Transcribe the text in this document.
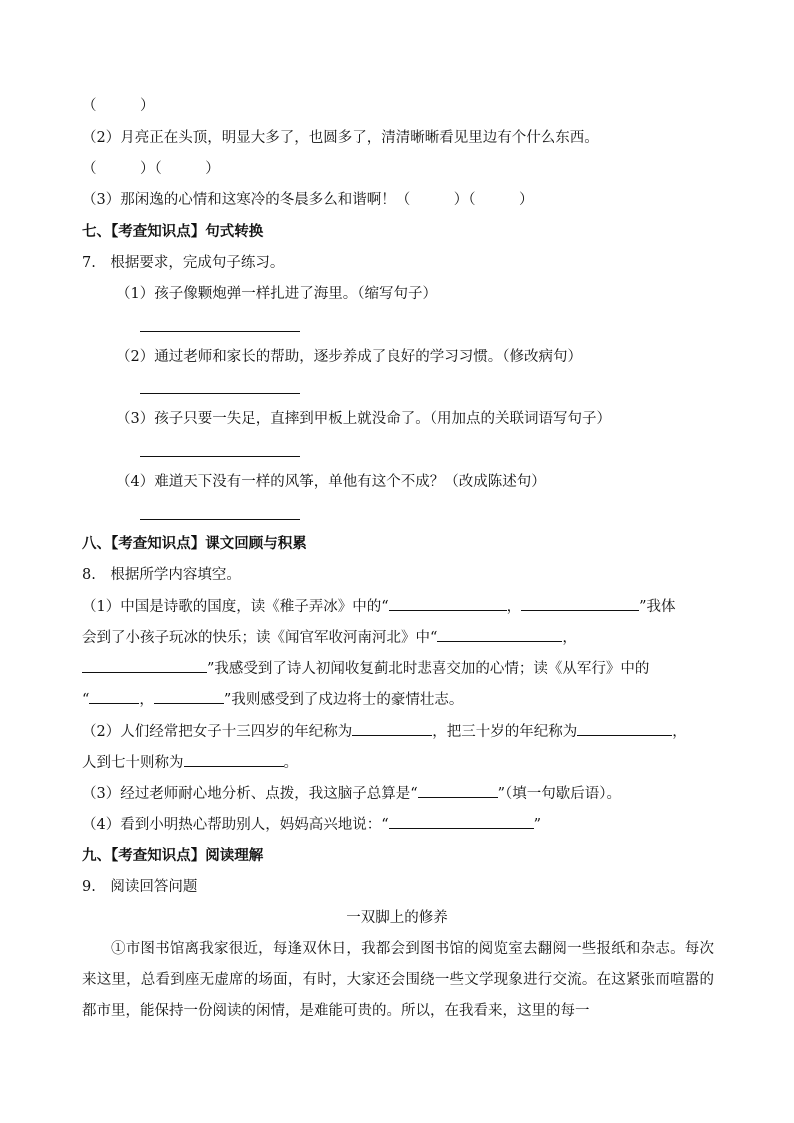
（　　　）
（2）月亮正在头顶，明显大多了，也圆多了，清清晰晰看见里边有个什么东西。
（　　　）（　　　）
（3）那闲逸的心情和这寒冷的冬晨多么和谐啊！（　　　）（　　　）
七、【考查知识点】句式转换
7.　根据要求，完成句子练习。
（1）孩子像颗炮弹一样扎进了海里。（缩写句子）
（2）通过老师和家长的帮助，逐步养成了良好的学习习惯。（修改病句）
（3）孩子只要一失足，直摔到甲板上就没命了。（用加点的关联词语写句子）
（4）难道天下没有一样的风筝，单他有这个不成？（改成陈述句）
八、【考查知识点】课文回顾与积累
8.　根据所学内容填空。
（1）中国是诗歌的国度，读《稚子弄冰》中的“	，	”我体
会到了小孩子玩冰的快乐；读《闻官军收河南河北》中“	，
”我感受到了诗人初闻收复蓟北时悲喜交加的心情；读《从军行》中的
“	，	”我则感受到了戍边将士的豪情壮志。
（2）人们经常把女子十三四岁的年纪称为	，把三十岁的年纪称为	，
人到七十则称为	。
（3）经过老师耐心地分析、点拨，我这脑子总算是“	”（填一句歇后语）。
（4）看到小明热心帮助别人，妈妈高兴地说：“	”
九、【考查知识点】阅读理解
9.　阅读回答问题
一双脚上的修养
①市图书馆离我家很近，每逢双休日，我都会到图书馆的阅览室去翻阅一些报纸和杂志。每次来这里，总看到座无虚席的场面，有时，大家还会围绕一些文学现象进行交流。在这紧张而喧嚣的都市里，能保持一份阅读的闲情，是难能可贵的。所以，在我看来，这里的每一
